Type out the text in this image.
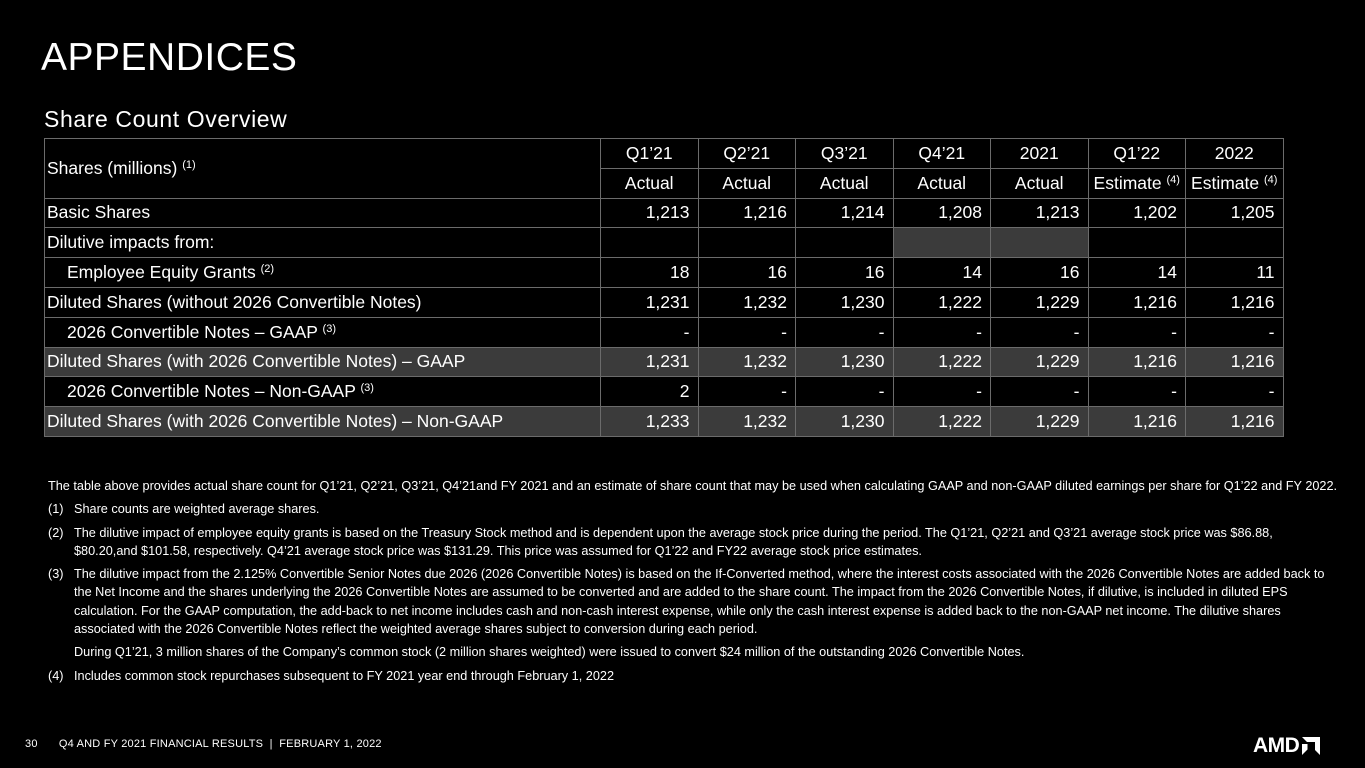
APPENDICES
Share Count Overview
Shares (millions) $^{(1)}$	Q1’21	Q2’21	Q3’21	Q4’21	2021	Q1’22	2022
	Actual	Actual	Actual	Actual	Actual	Estimate $^{(4)}$	Estimate $^{(4)}$
Basic Shares	1,213	1,216	1,214	1,208	1,213	1,202	1,205
Dilutive impacts from:							
Employee Equity Grants $^{(2)}$	18	16	16	14	16	14	11
Diluted Shares (without 2026 Convertible Notes)	1,231	1,232	1,230	1,222	1,229	1,216	1,216
2026 Convertible Notes – GAAP $^{(3)}$	-	-	-	-	-	-	-
Diluted Shares (with 2026 Convertible Notes) – GAAP	1,231	1,232	1,230	1,222	1,229	1,216	1,216
2026 Convertible Notes – Non-GAAP $^{(3)}$	2	-	-	-	-	-	-
Diluted Shares (with 2026 Convertible Notes) – Non-GAAP	1,233	1,232	1,230	1,222	1,229	1,216	1,216

The table above provides actual share count for Q1’21, Q2’21, Q3’21, Q4’21and FY 2021 and an estimate of share count that may be used when calculating GAAP and non-GAAP diluted earnings per share for Q1’22 and FY 2022.

(1) Share counts are weighted average shares.
(2) The dilutive impact of employee equity grants is based on the Treasury Stock method and is dependent upon the average stock price during the period. The Q1’21, Q2’21 and Q3’21 average stock price was $86.88, $80.20,and $101.58, respectively. Q4’21 average stock price was $131.29. This price was assumed for Q1’22 and FY22 average stock price estimates.
(3) The dilutive impact from the 2.125% Convertible Senior Notes due 2026 (2026 Convertible Notes) is based on the If-Converted method, where the interest costs associated with the 2026 Convertible Notes are added back to the Net Income and the shares underlying the 2026 Convertible Notes are assumed to be converted and are added to the share count. The impact from the 2026 Convertible Notes, if dilutive, is included in diluted EPS calculation. For the GAAP computation, the add-back to net income includes cash and non-cash interest expense, while only the cash interest expense is added back to the non-GAAP net income. The dilutive shares associated with the 2026 Convertible Notes reflect the weighted average shares subject to conversion during each period.

During Q1’21, 3 million shares of the Company’s common stock (2 million shares weighted) were issued to convert $24 million of the outstanding 2026 Convertible Notes.

(4) Includes common stock repurchases subsequent to FY 2021 year end through February 1, 2022
30 Q4 AND FY 2021 FINANCIAL RESULTS  |  FEBRUARY 1, 2022	AMD
